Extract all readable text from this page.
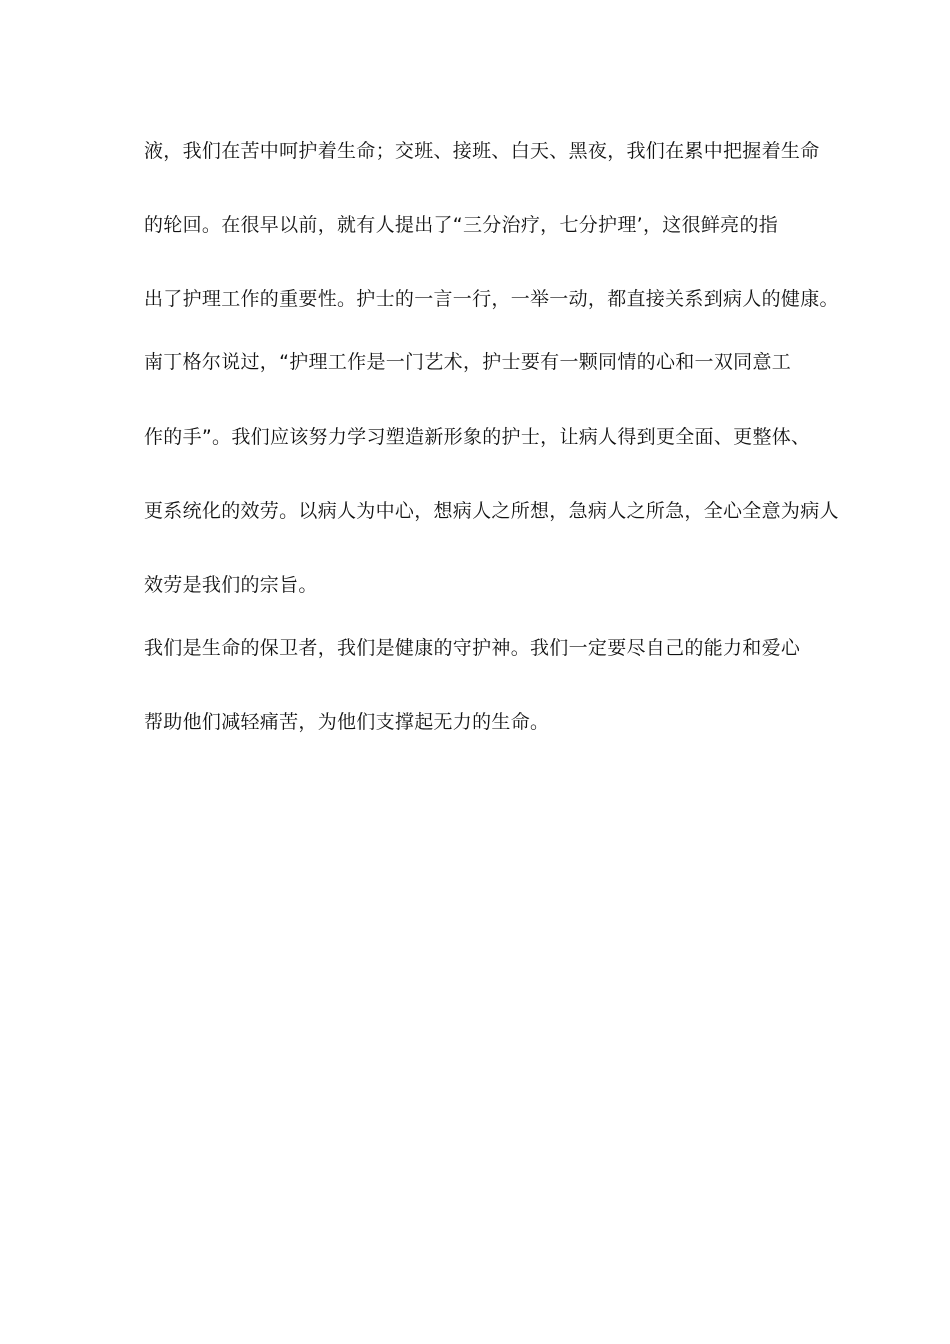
液，我们在苦中呵护着生命；交班、接班、白天、黑夜，我们在累中把握着生命
的轮回。在很早以前，就有人提出了“三分治疗，七分护理’，这很鲜亮的指
出了护理工作的重要性。护士的一言一行，一举一动，都直接关系到病人的健康。
南丁格尔说过，“护理工作是一门艺术，护士要有一颗同情的心和一双同意工
作的手”。我们应该努力学习塑造新形象的护士，让病人得到更全面、更整体、
更系统化的效劳。以病人为中心，想病人之所想，急病人之所急，全心全意为病人
效劳是我们的宗旨。
我们是生命的保卫者，我们是健康的守护神。我们一定要尽自己的能力和爱心
帮助他们减轻痛苦，为他们支撑起无力的生命。
